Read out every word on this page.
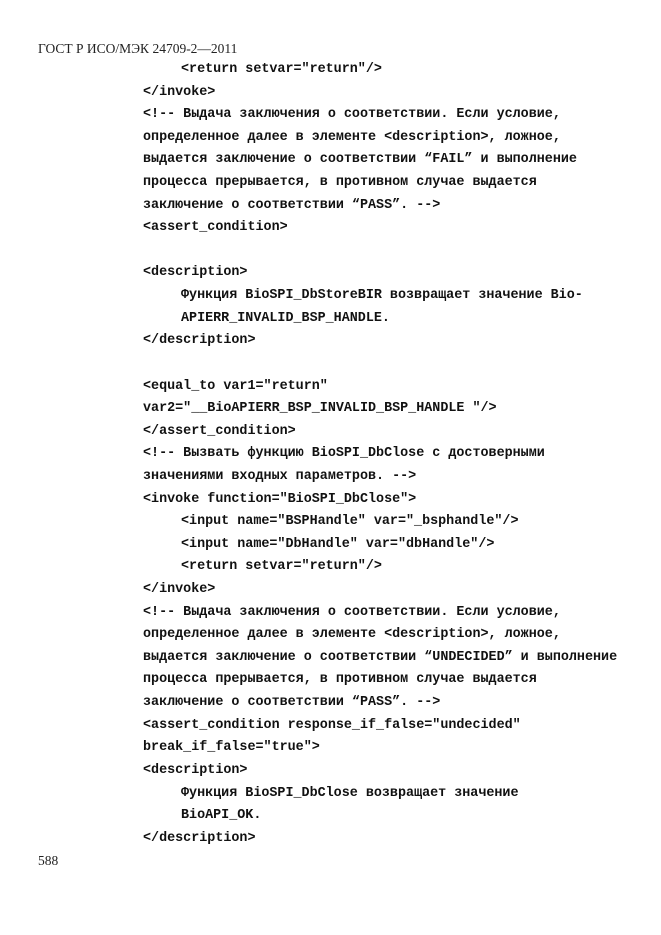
ГОСТ Р ИСО/МЭК 24709-2—2011
<return setvar="return"/>
</invoke>
<!-- Выдача заключения о соответствии. Если условие,
определенное далее в элементе <description>, ложное,
выдается заключение о соответствии “FAIL” и выполнение
процесса прерывается, в противном случае выдается
заключение о соответствии “PASS”. -->
<assert_condition>
<description>
Функция BioSPI_DbStoreBIR возвращает значение Bio-
APIERR_INVALID_BSP_HANDLE.
</description>
<equal_to var1="return"
var2="__BioAPIERR_BSP_INVALID_BSP_HANDLE "/>
</assert_condition>
<!-- Вызвать функцию BioSPI_DbClose с достоверными
значениями входных параметров. -->
<invoke function="BioSPI_DbClose">
<input name="BSPHandle" var="_bsphandle"/>
<input name="DbHandle" var="dbHandle"/>
<return setvar="return"/>
</invoke>
<!-- Выдача заключения о соответствии. Если условие,
определенное далее в элементе <description>, ложное,
выдается заключение о соответствии “UNDECIDED” и выполнение
процесса прерывается, в противном случае выдается
заключение о соответствии “PASS”. -->
<assert_condition response_if_false="undecided"
break_if_false="true">
<description>
Функция BioSPI_DbClose возвращает значение
BioAPI_OK.
</description>
588
